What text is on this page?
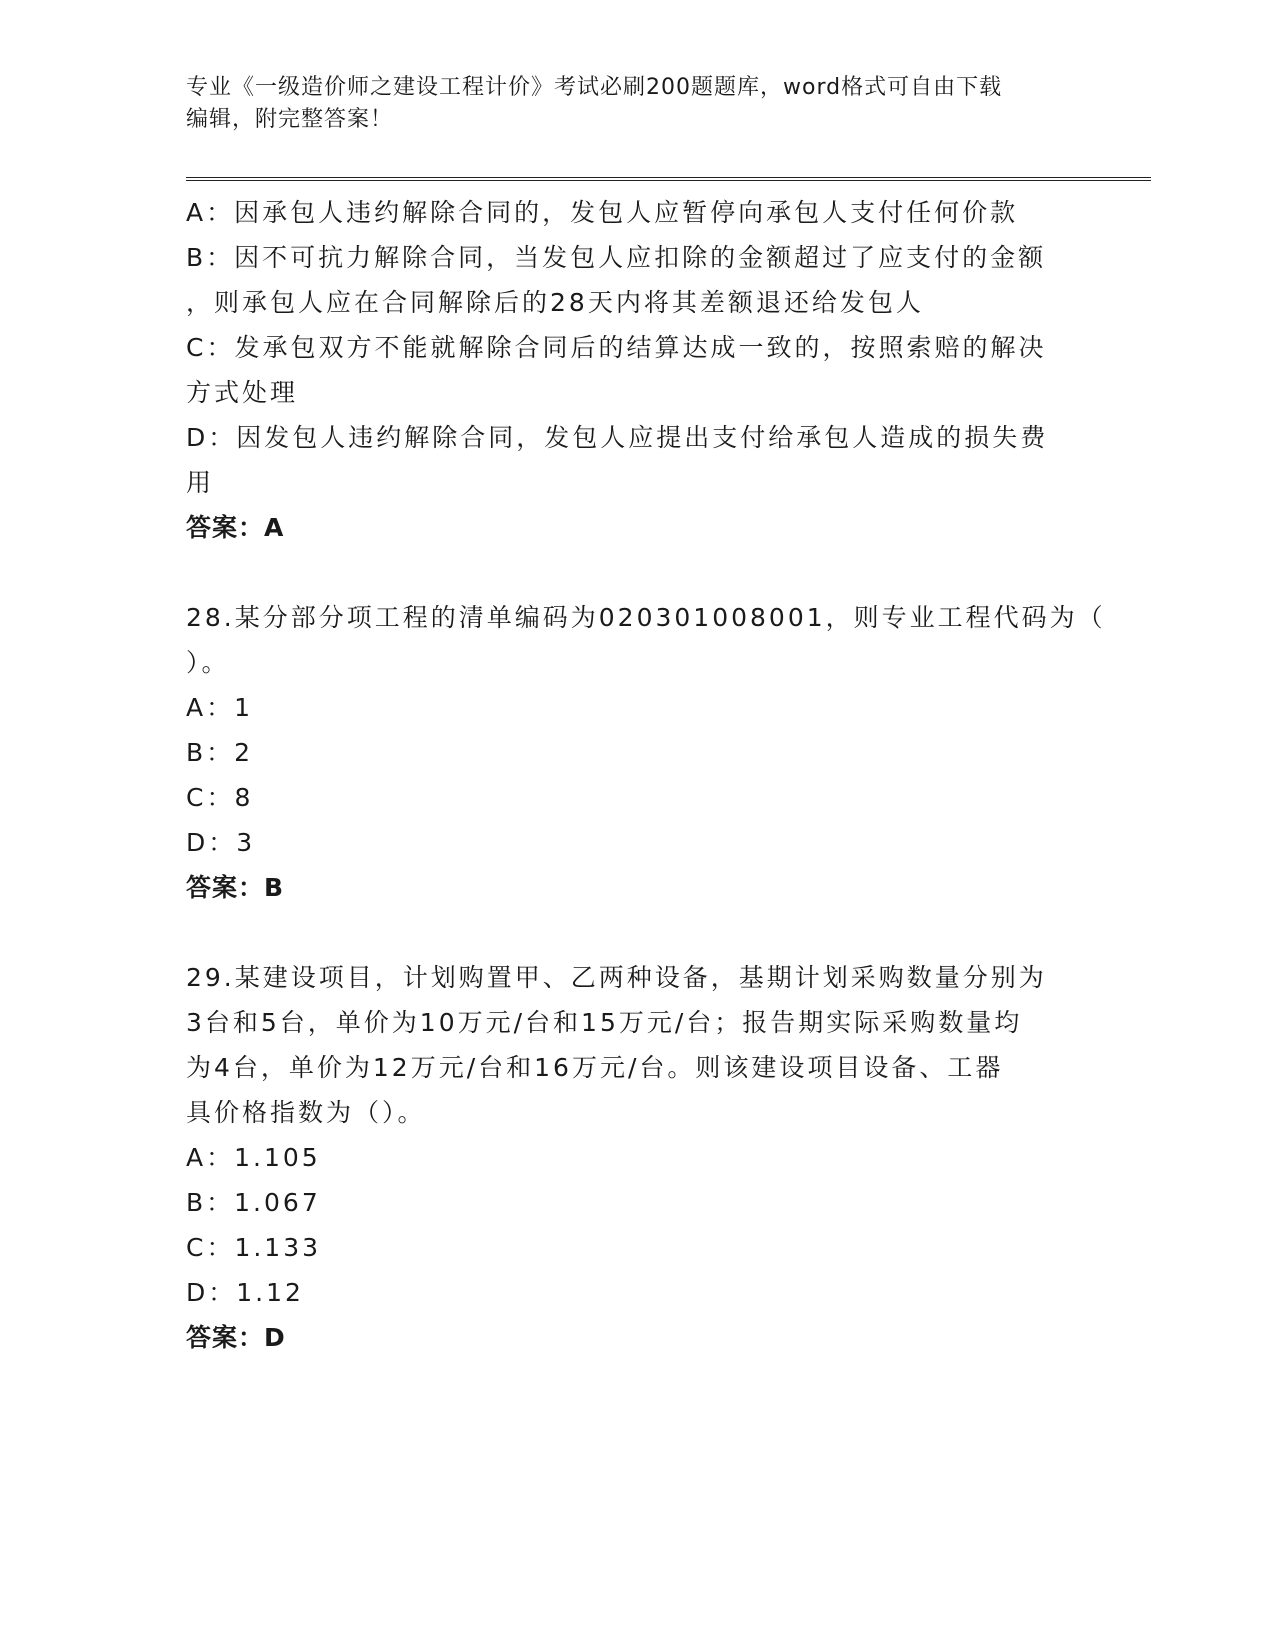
专业《一级造价师之建设工程计价》考试必刷200题题库，word格式可自由下载
编辑，附完整答案！
A：因承包人违约解除合同的，发包人应暂停向承包人支付任何价款
B：因不可抗力解除合同，当发包人应扣除的金额超过了应支付的金额
，则承包人应在合同解除后的28天内将其差额退还给发包人
C：发承包双方不能就解除合同后的结算达成一致的，按照索赔的解决
方式处理
D：因发包人违约解除合同，发包人应提出支付给承包人造成的损失费
用
答案：A
28.某分部分项工程的清单编码为020301008001，则专业工程代码为（
）。
A：1
B：2
C：8
D：3
答案：B
29.某建设项目，计划购置甲、乙两种设备，基期计划采购数量分别为
3台和5台，单价为10万元/台和15万元/台；报告期实际采购数量均
为4台，单价为12万元/台和16万元/台。则该建设项目设备、工器
具价格指数为（）。
A：1.105
B：1.067
C：1.133
D：1.12
答案：D
